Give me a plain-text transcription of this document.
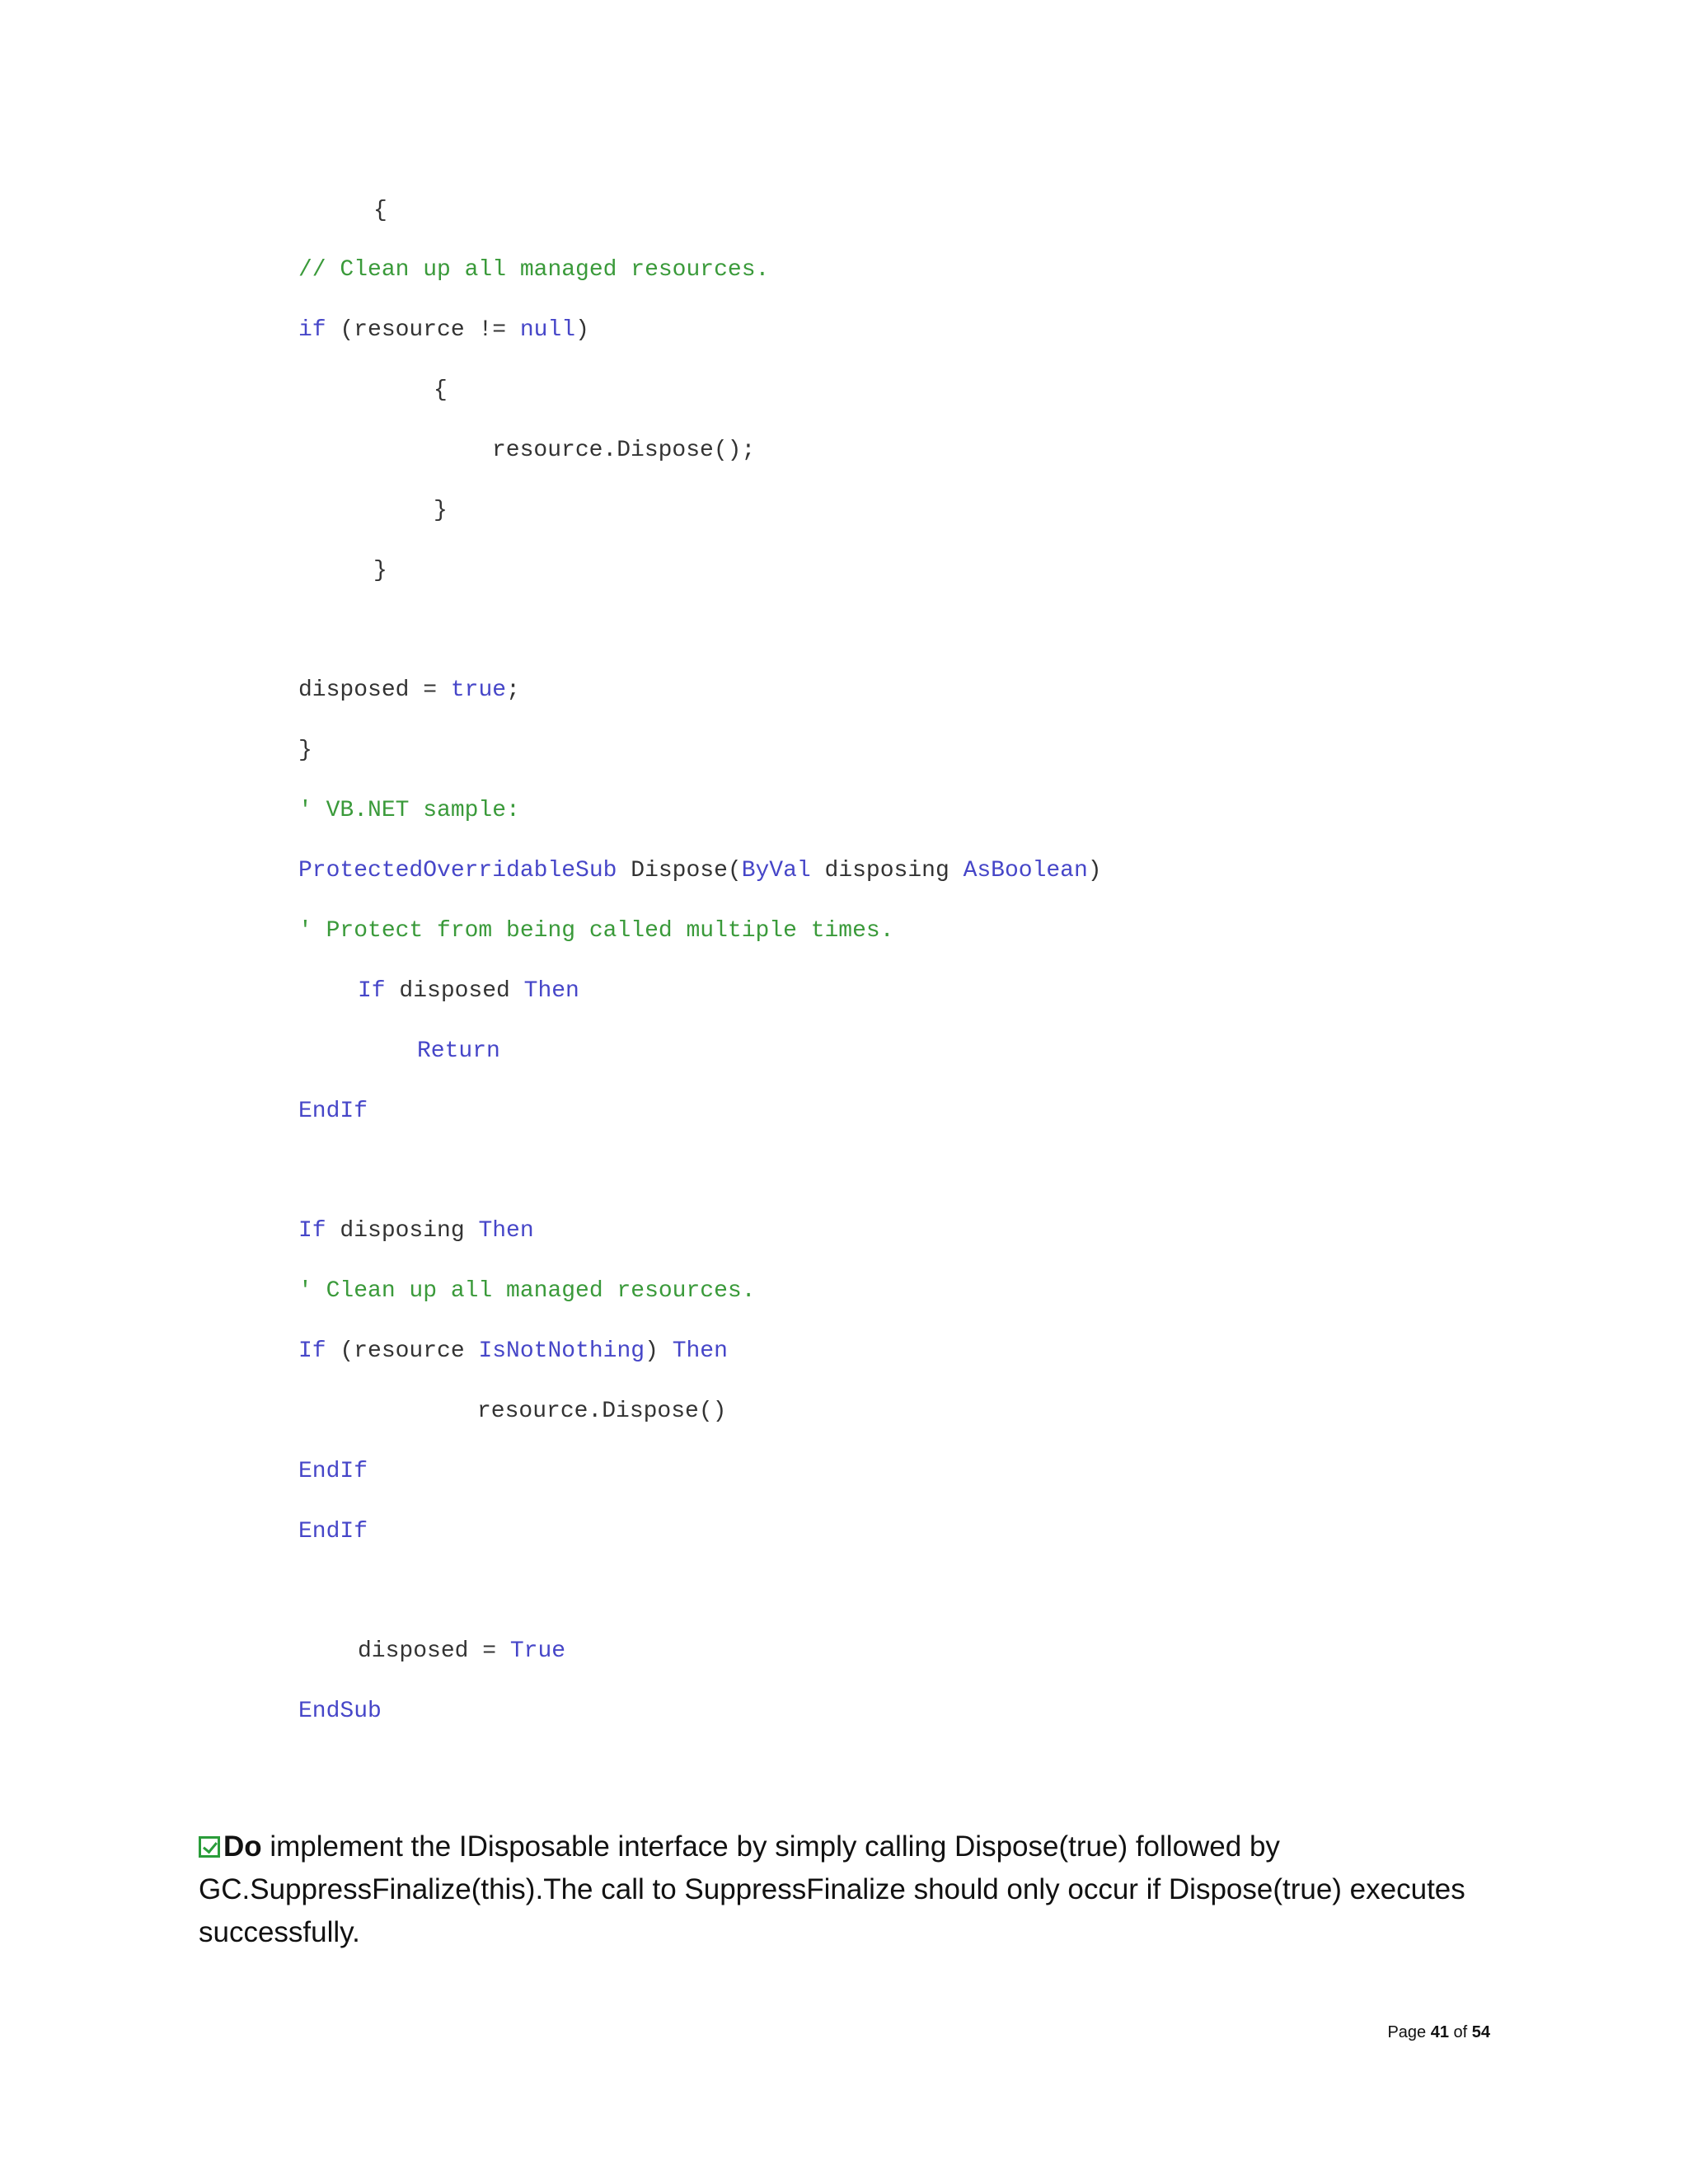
{
// Clean up all managed resources.
if (resource != null)
{
resource.Dispose();
}
}
disposed = true;
}
' VB.NET sample:
ProtectedOverridableSub Dispose(ByVal disposing AsBoolean)
' Protect from being called multiple times.
If disposed Then
Return
EndIf
If disposing Then
' Clean up all managed resources.
If (resource IsNotNothing) Then
resource.Dispose()
EndIf
EndIf
disposed = True
EndSub
Do implement the IDisposable interface by simply calling Dispose(true) followed by GC.SuppressFinalize(this).The call to SuppressFinalize should only occur if Dispose(true) executes successfully.
Page 41 of 54
